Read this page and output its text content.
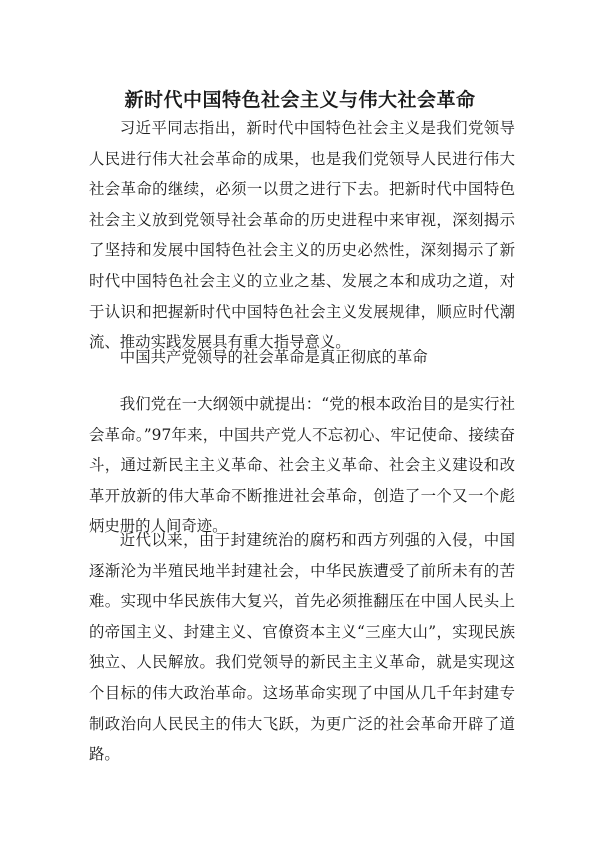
新时代中国特色社会主义与伟大社会革命

习近平同志指出，新时代中国特色社会主义是我们党领导人民进行伟大社会革命的成果，也是我们党领导人民进行伟大社会革命的继续，必须一以贯之进行下去。把新时代中国特色社会主义放到党领导社会革命的历史进程中来审视，深刻揭示了坚持和发展中国特色社会主义的历史必然性，深刻揭示了新时代中国特色社会主义的立业之基、发展之本和成功之道，对于认识和把握新时代中国特色社会主义发展规律，顺应时代潮流、推动实践发展具有重大指导意义。

中国共产党领导的社会革命是真正彻底的革命

我们党在一大纲领中就提出：“党的根本政治目的是实行社会革命。”97年来，中国共产党人不忘初心、牢记使命、接续奋斗，通过新民主主义革命、社会主义革命、社会主义建设和改革开放新的伟大革命不断推进社会革命，创造了一个又一个彪炳史册的人间奇迹。

近代以来，由于封建统治的腐朽和西方列强的入侵，中国逐渐沦为半殖民地半封建社会，中华民族遭受了前所未有的苦难。实现中华民族伟大复兴，首先必须推翻压在中国人民头上的帝国主义、封建主义、官僚资本主义“三座大山”，实现民族独立、人民解放。我们党领导的新民主主义革命，就是实现这个目标的伟大政治革命。这场革命实现了中国从几千年封建专制政治向人民民主的伟大飞跃，为更广泛的社会革命开辟了道路。
